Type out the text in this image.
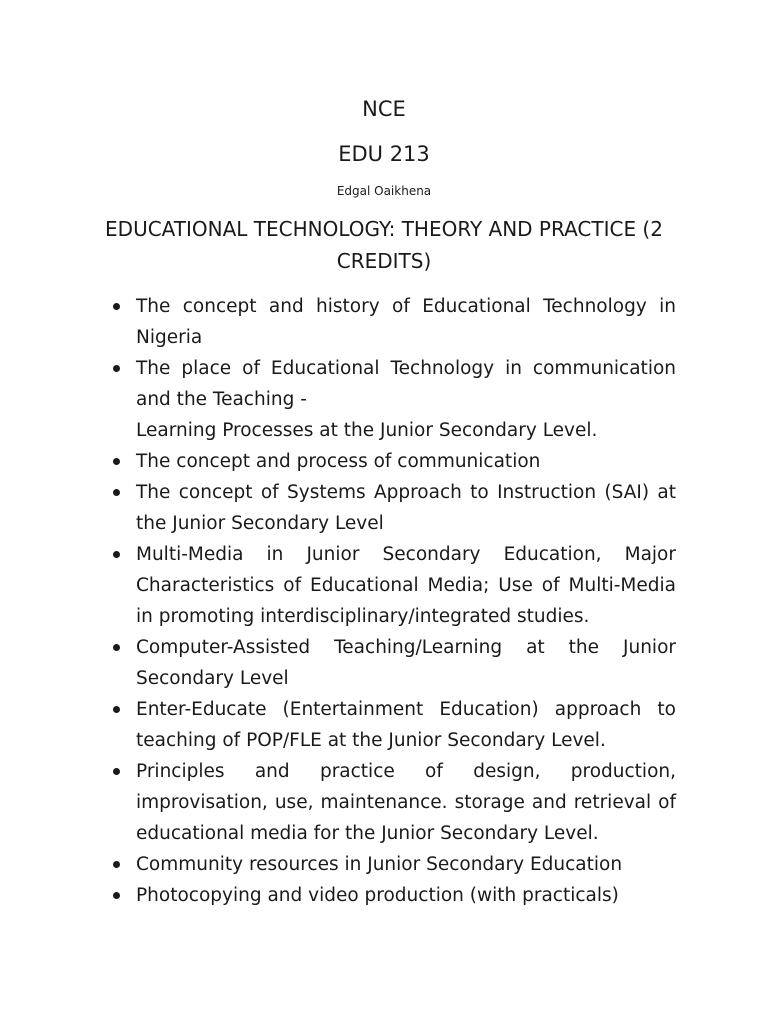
NCE
EDU 213
Edgal Oaikhena
EDUCATIONAL TECHNOLOGY: THEORY AND PRACTICE (2 CREDITS)
The concept and history of Educational Technology in Nigeria
The place of Educational Technology in communication and the Teaching -
Learning Processes at the Junior Secondary Level.
The concept and process of communication
The concept of Systems Approach to Instruction (SAI) at the Junior Secondary Level
Multi-Media in Junior Secondary Education, Major Characteristics of Educational Media; Use of Multi-Media in promoting interdisciplinary/integrated studies.
Computer-Assisted Teaching/Learning at the Junior Secondary Level
Enter-Educate (Entertainment Education) approach to teaching of POP/FLE at the Junior Secondary Level.
Principles and practice of design, production, improvisation, use, maintenance. storage and retrieval of educational media for the Junior Secondary Level.
Community resources in Junior Secondary Education
Photocopying and video production (with practicals)
